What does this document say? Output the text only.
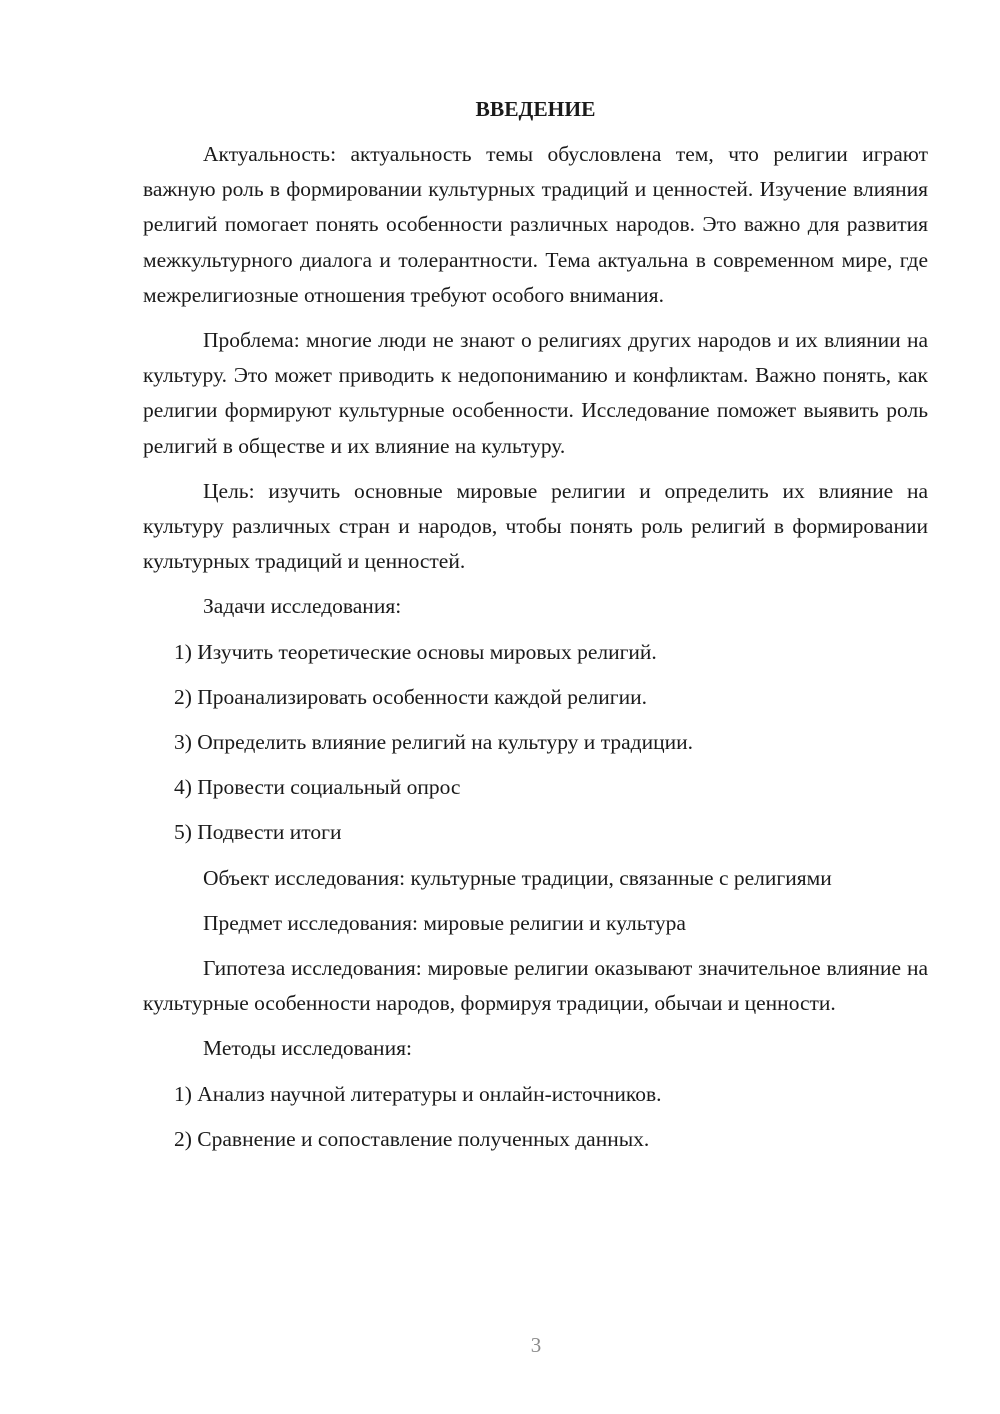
ВВЕДЕНИЕ

Актуальность: актуальность темы обусловлена тем, что религии играют важную роль в формировании культурных традиций и ценностей. Изучение влияния религий помогает понять особенности различных народов. Это важно для развития межкультурного диалога и толерантности. Тема актуальна в современном мире, где межрелигиозные отношения требуют особого внимания.

Проблема: многие люди не знают о религиях других народов и их влиянии на культуру. Это может приводить к недопониманию и конфликтам. Важно понять, как религии формируют культурные особенности. Исследование поможет выявить роль религий в обществе и их влияние на культуру.

Цель: изучить основные мировые религии и определить их влияние на культуру различных стран и народов, чтобы понять роль религий в формировании культурных традиций и ценностей.

Задачи исследования:

1) Изучить теоретические основы мировых религий.
2) Проанализировать особенности каждой религии.
3) Определить влияние религий на культуру и традиции.
4) Провести социальный опрос
5) Подвести итоги

Объект исследования: культурные традиции, связанные с религиями

Предмет исследования: мировые религии и культура

Гипотеза исследования: мировые религии оказывают значительное влияние на культурные особенности народов, формируя традиции, обычаи и ценности.

Методы исследования:

1) Анализ научной литературы и онлайн-источников.
2) Сравнение и сопоставление полученных данных.
3
